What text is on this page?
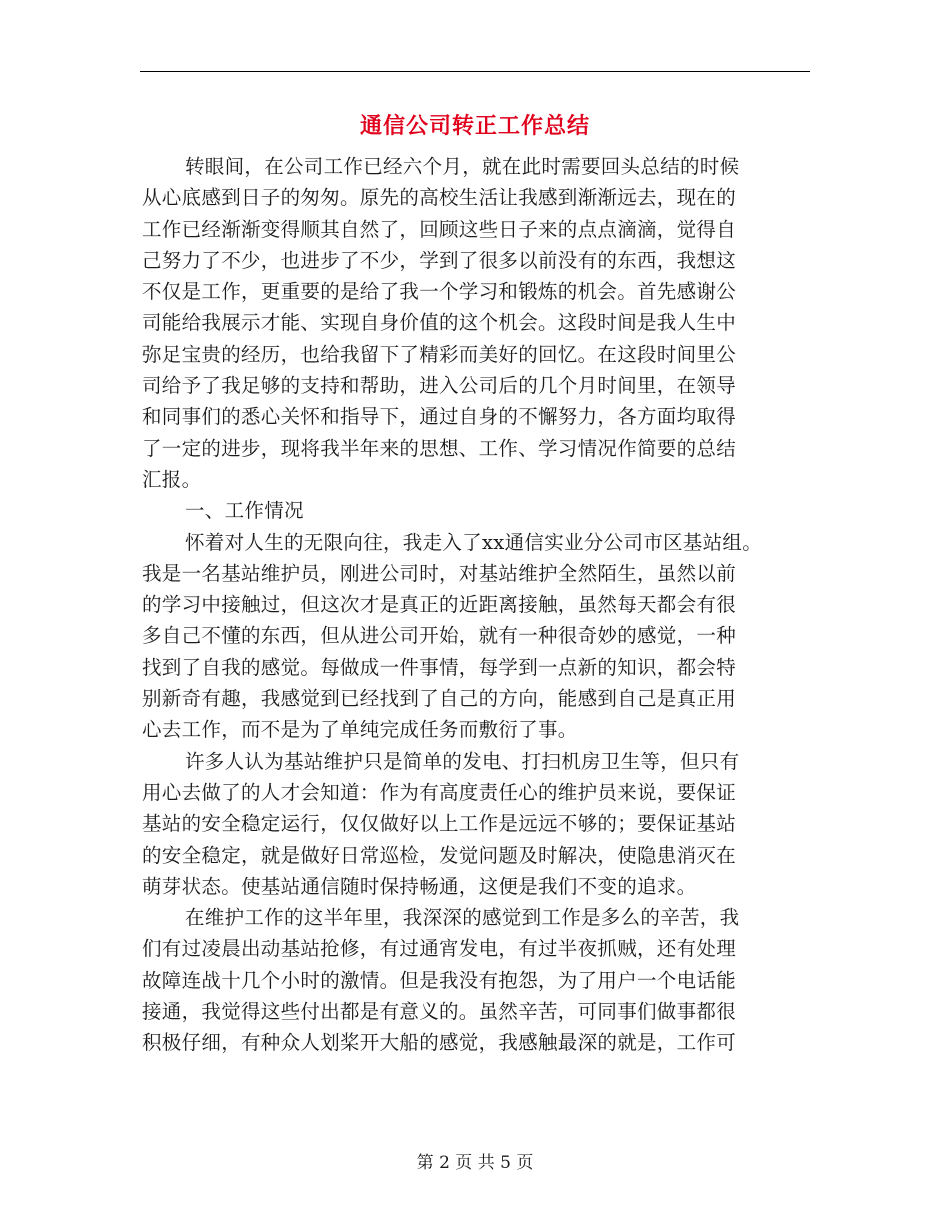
通信公司转正工作总结
转眼间，在公司工作已经六个月，就在此时需要回头总结的时候
从心底感到日子的匆匆。原先的高校生活让我感到渐渐远去，现在的
工作已经渐渐变得顺其自然了，回顾这些日子来的点点滴滴，觉得自
己努力了不少，也进步了不少，学到了很多以前没有的东西，我想这
不仅是工作，更重要的是给了我一个学习和锻炼的机会。首先感谢公
司能给我展示才能、实现自身价值的这个机会。这段时间是我人生中
弥足宝贵的经历，也给我留下了精彩而美好的回忆。在这段时间里公
司给予了我足够的支持和帮助，进入公司后的几个月时间里，在领导
和同事们的悉心关怀和指导下，通过自身的不懈努力，各方面均取得
了一定的进步，现将我半年来的思想、工作、学习情况作简要的总结
汇报。
一、工作情况
怀着对人生的无限向往，我走入了xx通信实业分公司市区基站组。
我是一名基站维护员，刚进公司时，对基站维护全然陌生，虽然以前
的学习中接触过，但这次才是真正的近距离接触，虽然每天都会有很
多自己不懂的东西，但从进公司开始，就有一种很奇妙的感觉，一种
找到了自我的感觉。每做成一件事情，每学到一点新的知识，都会特
别新奇有趣，我感觉到已经找到了自己的方向，能感到自己是真正用
心去工作，而不是为了单纯完成任务而敷衍了事。
许多人认为基站维护只是简单的发电、打扫机房卫生等，但只有
用心去做了的人才会知道：作为有高度责任心的维护员来说，要保证
基站的安全稳定运行，仅仅做好以上工作是远远不够的；要保证基站
的安全稳定，就是做好日常巡检，发觉问题及时解决，使隐患消灭在
萌芽状态。使基站通信随时保持畅通，这便是我们不变的追求。
在维护工作的这半年里，我深深的感觉到工作是多么的辛苦，我
们有过凌晨出动基站抢修，有过通宵发电，有过半夜抓贼，还有处理
故障连战十几个小时的激情。但是我没有抱怨，为了用户一个电话能
接通，我觉得这些付出都是有意义的。虽然辛苦，可同事们做事都很
积极仔细，有种众人划桨开大船的感觉，我感触最深的就是，工作可
第 2 页 共 5 页
